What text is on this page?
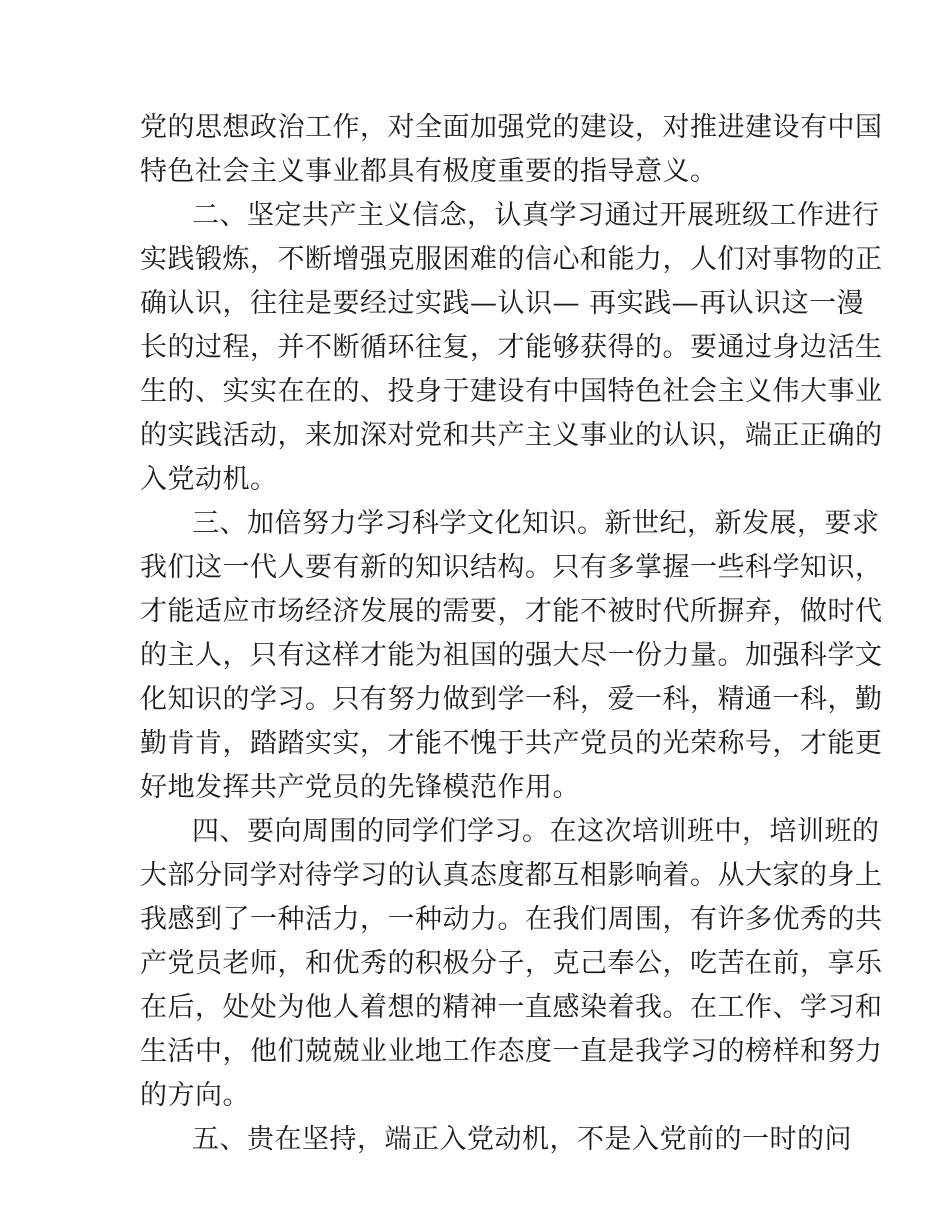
党的思想政治工作，对全面加强党的建设，对推进建设有中国
特色社会主义事业都具有极度重要的指导意义。
二、坚定共产主义信念，认真学习通过开展班级工作进行
实践锻炼，不断增强克服困难的信心和能力，人们对事物的正
确认识，往往是要经过实践—认识— 再实践—再认识这一漫
长的过程，并不断循环往复，才能够获得的。要通过身边活生
生的、实实在在的、投身于建设有中国特色社会主义伟大事业
的实践活动，来加深对党和共产主义事业的认识，端正正确的
入党动机。
三、加倍努力学习科学文化知识。新世纪，新发展，要求
我们这一代人要有新的知识结构。只有多掌握一些科学知识，
才能适应市场经济发展的需要，才能不被时代所摒弃，做时代
的主人，只有这样才能为祖国的强大尽一份力量。加强科学文
化知识的学习。只有努力做到学一科，爱一科，精通一科，勤
勤肯肯，踏踏实实，才能不愧于共产党员的光荣称号，才能更
好地发挥共产党员的先锋模范作用。
四、要向周围的同学们学习。在这次培训班中，培训班的
大部分同学对待学习的认真态度都互相影响着。从大家的身上
我感到了一种活力，一种动力。在我们周围，有许多优秀的共
产党员老师，和优秀的积极分子，克己奉公，吃苦在前，享乐
在后，处处为他人着想的精神一直感染着我。在工作、学习和
生活中，他们兢兢业业地工作态度一直是我学习的榜样和努力
的方向。
五、贵在坚持，端正入党动机，不是入党前的一时的问
